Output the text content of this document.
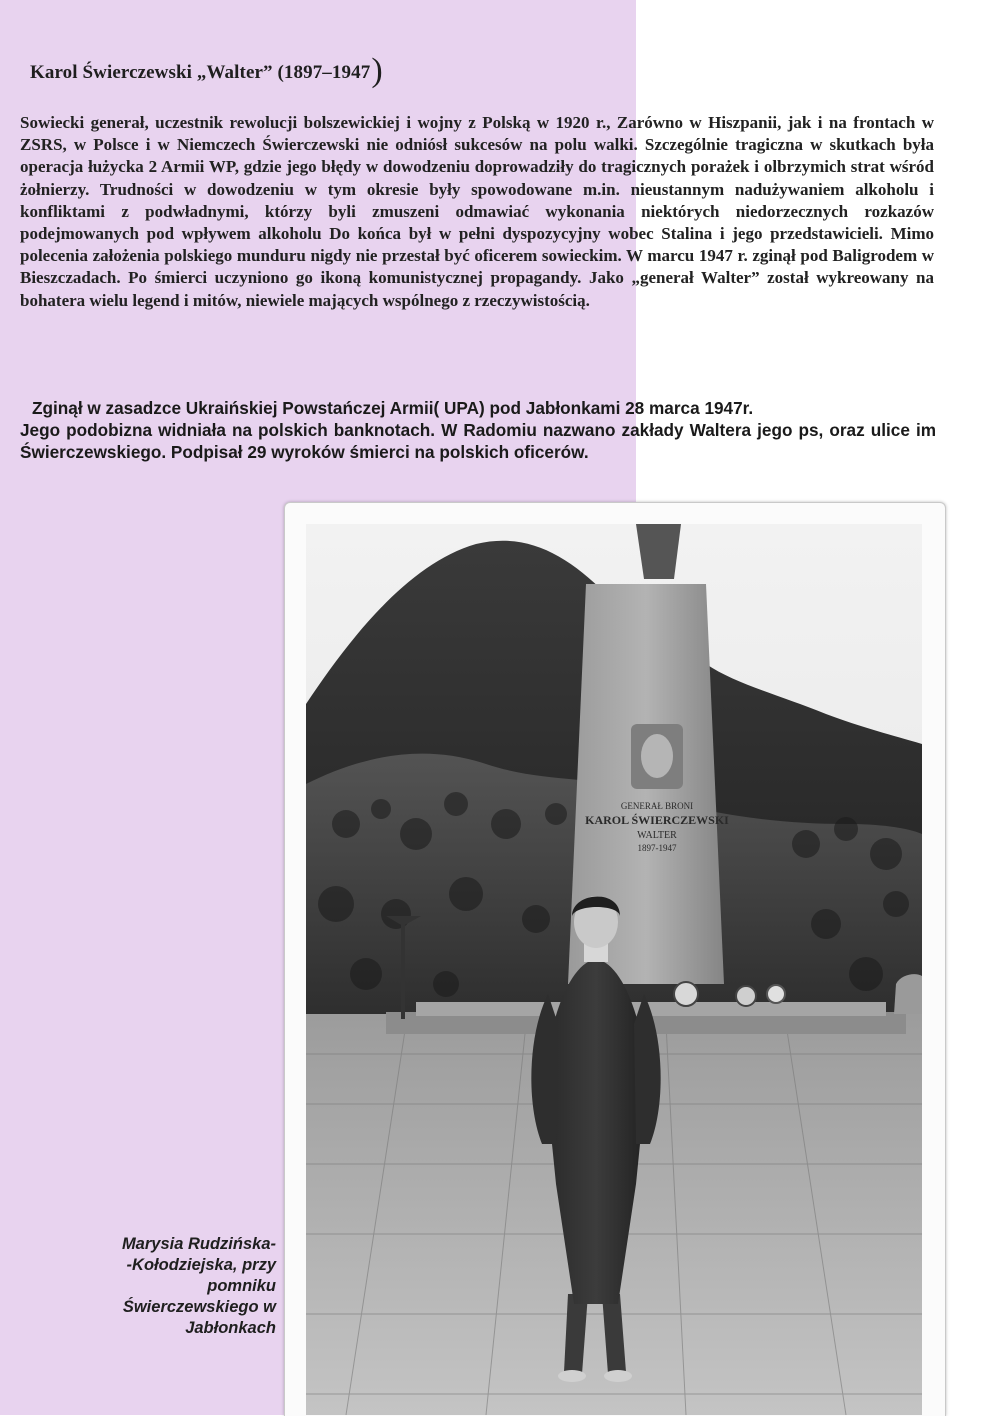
Karol Świerczewski „Walter” (1897–1947)

Sowiecki generał, uczestnik rewolucji bolszewickiej i wojny z Polską w 1920 r., Zarówno w Hiszpanii, jak i na frontach w ZSRS, w Polsce i w Niemczech Świerczewski nie odniósł sukcesów na polu walki. Szczególnie tragiczna w skutkach była operacja łużycka 2 Armii WP, gdzie jego błędy w dowodzeniu doprowadziły do tragicznych porażek i olbrzymich strat wśród żołnierzy. Trudności w dowodzeniu w tym okresie były spowodowane m.in. nieustannym nadużywaniem alkoholu i konfliktami z podwładnymi, którzy byli zmuszeni odmawiać wykonania niektórych niedorzecznych rozkazów podejmowanych pod wpływem alkoholu Do końca był w pełni dyspozycyjny wobec Stalina i jego przedstawicieli. Mimo polecenia założenia polskiego munduru nigdy nie przestał być oficerem sowieckim. W marcu 1947 r. zginął pod Baligrodem w Bieszczadach. Po śmierci uczyniono go ikoną komunistycznej propagandy. Jako „generał Walter” został wykreowany na bohatera wielu legend i mitów, niewiele mających wspólnego z rzeczywistością.

Zginął w zasadzce Ukraińskiej Powstańczej Armii( UPA) pod Jabłonkami 28 marca 1947r.
Jego podobizna widniała na polskich banknotach. W Radomiu nazwano zakłady Waltera jego ps, oraz ulice im Świerczewskiego. Podpisał 29 wyroków śmierci na polskich oficerów.
GENERAŁ BRONI
KAROL ŚWIERCZEWSKI
WALTER
1897-1947
Marysia Rudzińska-
-Kołodziejska, przy
pomniku
Świerczewskiego w
Jabłonkach
